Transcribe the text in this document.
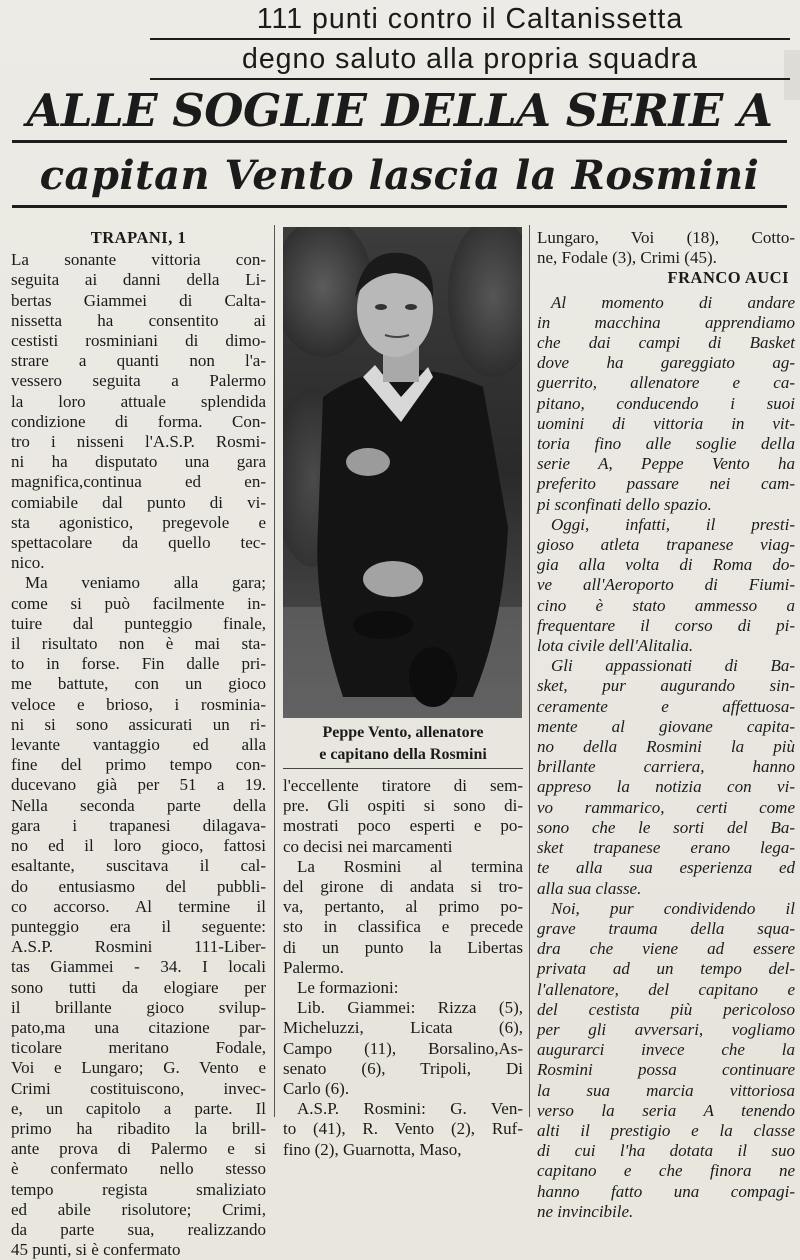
111 punti contro il Caltanissetta
degno saluto alla propria squadra
ALLE SOGLIE DELLA SERIE A
capitan Vento lascia la Rosmini
TRAPANI, 1
La sonante vittoria con-
seguita ai danni della Li-
bertas Giammei di Calta-
nissetta ha consentito ai
cestisti rosminiani di dimo-
strare a quanti non l'a-
vessero seguita a Palermo
la loro attuale splendida
condizione di forma. Con-
tro i nisseni l'A.S.P. Rosmi-
ni ha disputato una gara
magnifica,continua ed en-
comiabile dal punto di vi-
sta agonistico, pregevole e
spettacolare da quello tec-
nico.
Ma veniamo alla gara;
come si può facilmente in-
tuire dal punteggio finale,
il risultato non è mai sta-
to in forse. Fin dalle pri-
me battute, con un gioco
veloce e brioso, i rosminia-
ni si sono assicurati un ri-
levante vantaggio ed alla
fine del primo tempo con-
ducevano già per 51 a 19.
Nella seconda parte della
gara i trapanesi dilagava-
no ed il loro gioco, fattosi
esaltante, suscitava il cal-
do entusiasmo del pubbli-
co accorso. Al termine il
punteggio era il seguente:
A.S.P. Rosmini 111-Liber-
tas Giammei - 34. I locali
sono tutti da elogiare per
il brillante gioco svilup-
pato,ma una citazione par-
ticolare meritano Fodale,
Voi e Lungaro; G. Vento e
Crimi costituiscono, invec-
e, un capitolo a parte. Il
primo ha ribadito la brill-
ante prova di Palermo e si
è confermato nello stesso
tempo regista smaliziato
ed abile risolutore; Crimi,
da parte sua, realizzando
45 punti, si è confermato
Peppe Vento, allenatore
e capitano della Rosmini
l'eccellente tiratore di sem-
pre. Gli ospiti si sono di-
mostrati poco esperti e po-
co decisi nei marcamenti
La Rosmini al termina
del girone di andata si tro-
va, pertanto, al primo po-
sto in classifica e precede
di un punto la Libertas
Palermo.
Le formazioni:
Lib. Giammei: Rizza (5),
Micheluzzi, Licata (6),
Campo (11), Borsalino,As-
senato (6), Tripoli, Di
Carlo (6).
A.S.P. Rosmini: G. Ven-
to (41), R. Vento (2), Ruf-
fino (2), Guarnotta, Maso,
Lungaro, Voi (18), Cotto-
ne, Fodale (3), Crimi (45).
FRANCO AUCI
Al momento di andare
in macchina apprendiamo
che dai campi di Basket
dove ha gareggiato ag-
guerrito, allenatore e ca-
pitano, conducendo i suoi
uomini di vittoria in vit-
toria fino alle soglie della
serie A, Peppe Vento ha
preferito passare nei cam-
pi sconfinati dello spazio.
Oggi, infatti, il presti-
gioso atleta trapanese viag-
gia alla volta di Roma do-
ve all'Aeroporto di Fiumi-
cino è stato ammesso a
frequentare il corso di pi-
lota civile dell'Alitalia.
Gli appassionati di Ba-
sket, pur augurando sin-
ceramente e affettuosa-
mente al giovane capita-
no della Rosmini la più
brillante carriera, hanno
appreso la notizia con vi-
vo rammarico, certi come
sono che le sorti del Ba-
sket trapanese erano lega-
te alla sua esperienza ed
alla sua classe.
Noi, pur condividendo il
grave trauma della squa-
dra che viene ad essere
privata ad un tempo del-
l'allenatore, del capitano e
del cestista più pericoloso
per gli avversari, vogliamo
augurarci invece che la
Rosmini possa continuare
la sua marcia vittoriosa
verso la seria A tenendo
alti il prestigio e la classe
di cui l'ha dotata il suo
capitano e che finora ne
hanno fatto una compagi-
ne invincibile.
